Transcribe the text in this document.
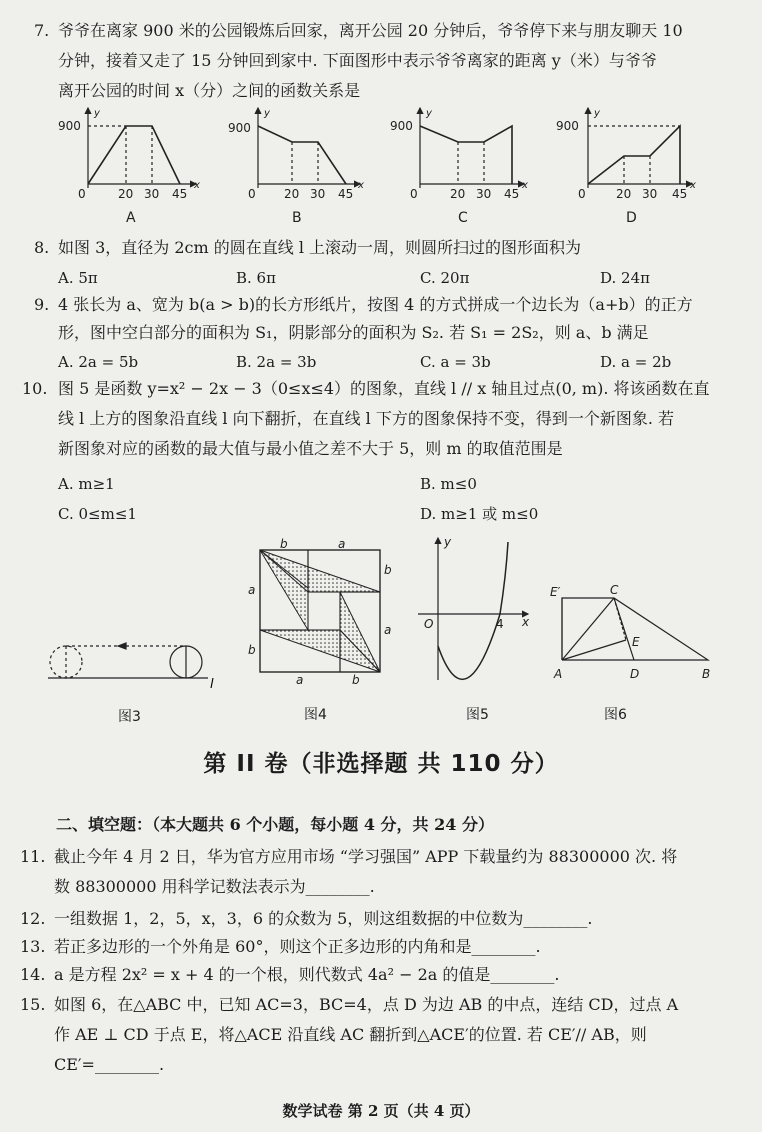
7. 爷爷在离家 900 米的公园锻炼后回家，离开公园 20 分钟后，爷爷停下来与朋友聊天 10
分钟，接着又走了 15 分钟回到家中. 下面图形中表示爷爷离家的距离 y（米）与爷爷
离开公园的时间 x（分）之间的函数关系是
900
y
0	20 30 45
x
900
y
0 20 30 45
x
900
y
0	20 30 45
x
900
y
0	20 30 45
x
A	B	C	D
8. 如图 3，直径为 2cm 的圆在直线 l 上滚动一周，则圆所扫过的图形面积为
A. 5π	B. 6π	C. 20π	D. 24π
9. 4 张长为 a、宽为 b(a > b)的长方形纸片，按图 4 的方式拼成一个边长为（a+b）的正方
形，图中空白部分的面积为 S₁，阴影部分的面积为 S₂. 若 S₁ = 2S₂，则 a、b 满足
A. 2a = 5b	B. 2a = 3b	C. a = 3b	D. a = 2b
10. 图 5 是函数 y=x² − 2x − 3（0≤x≤4）的图象，直线 l // x 轴且过点(0, m). 将该函数在直
线 l 上方的图象沿直线 l 向下翻折，在直线 l 下方的图象保持不变，得到一个新图象. 若
新图象对应的函数的最大值与最小值之差不大于 5，则 m 的取值范围是
A. m≥1	B. m≤0
C. 0≤m≤1	D. m≥1 或 m≤0
l
b	a
a
b
b
a
a	b
y
x
O	4
E′	C
E
A	D	B
图3	图4	图5	图6
第 II 卷（非选择题 共 110 分）
二、填空题：（本大题共 6 个小题，每小题 4 分，共 24 分）
11. 截止今年 4 月 2 日，华为官方应用市场 “学习强国” APP 下载量约为 88300000 次. 将
数 88300000 用科学记数法表示为________.
12. 一组数据 1，2，5，x，3，6 的众数为 5，则这组数据的中位数为________.
13. 若正多边形的一个外角是 60°，则这个正多边形的内角和是________.
14. a 是方程 2x² = x + 4 的一个根，则代数式 4a² − 2a 的值是________.
15. 如图 6，在△ABC 中，已知 AC=3，BC=4，点 D 为边 AB 的中点，连结 CD，过点 A
作 AE ⊥ CD 于点 E，将△ACE 沿直线 AC 翻折到△ACE′的位置. 若 CE′// AB，则
CE′=________.
数学试卷 第 2 页（共 4 页）
